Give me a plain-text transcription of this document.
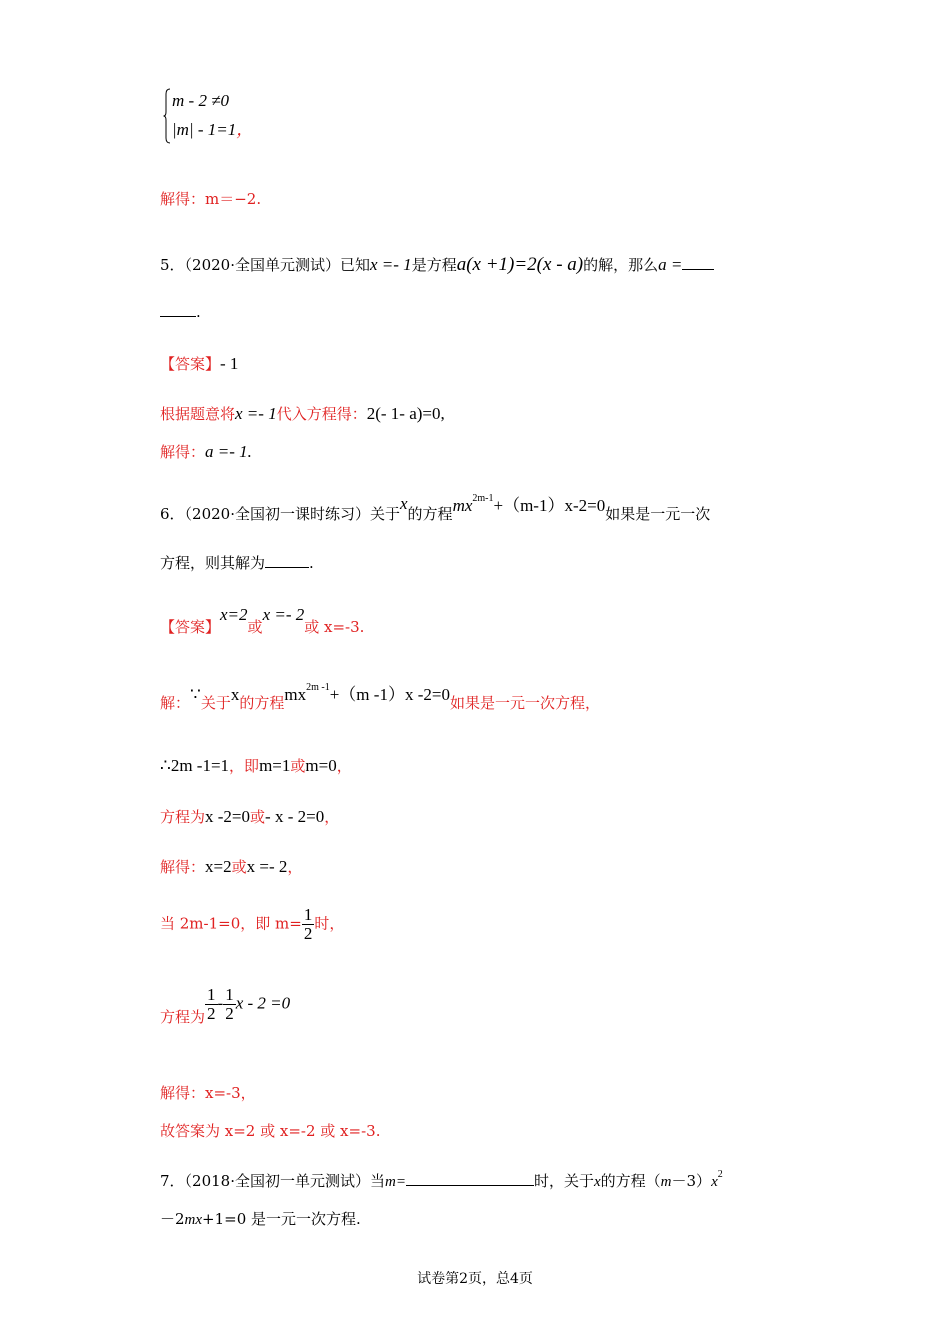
m - 2 ≠0
|m| - 1=1，
解得：m＝−2.
5．（2020·全国单元测试）已知x =- 1是方程a(x +1)=2(x - a)的解，那么a =
.
【答案】- 1
根据题意将x =- 1代入方程得：2(- 1- a)=0,
解得：a =- 1.
6．（2020·全国初一课时练习）关于x的方程$mx^{2m-1}+(m-1)x-2=0$如果是一元一次
方程，则其解为	.
【答案】x=2或x =- 2或 x=-3.
解：∵关于x的方程$mx^{2m -1}+(m$ -1）x -2=0如果是一元一次方程，
∴2m -1=1，即m=1或m=0，
方程为x -2=0或- x - 2=0，
解得：x=2或x =- 2，
当 2m-1=0，即 $m= \frac{1}{2}$ 时，
方程为 $\frac{1}{2} - \frac{1}{2}$ x - 2 =0
解得：x=-3，
故答案为 x=2 或 x=-2 或 x=-3.
7．（2018·全国初一单元测试）当m=	时，关于x的方程$(m-3)x^2$
－2mx+1=0 是一元一次方程.
试卷第2页，总4页
